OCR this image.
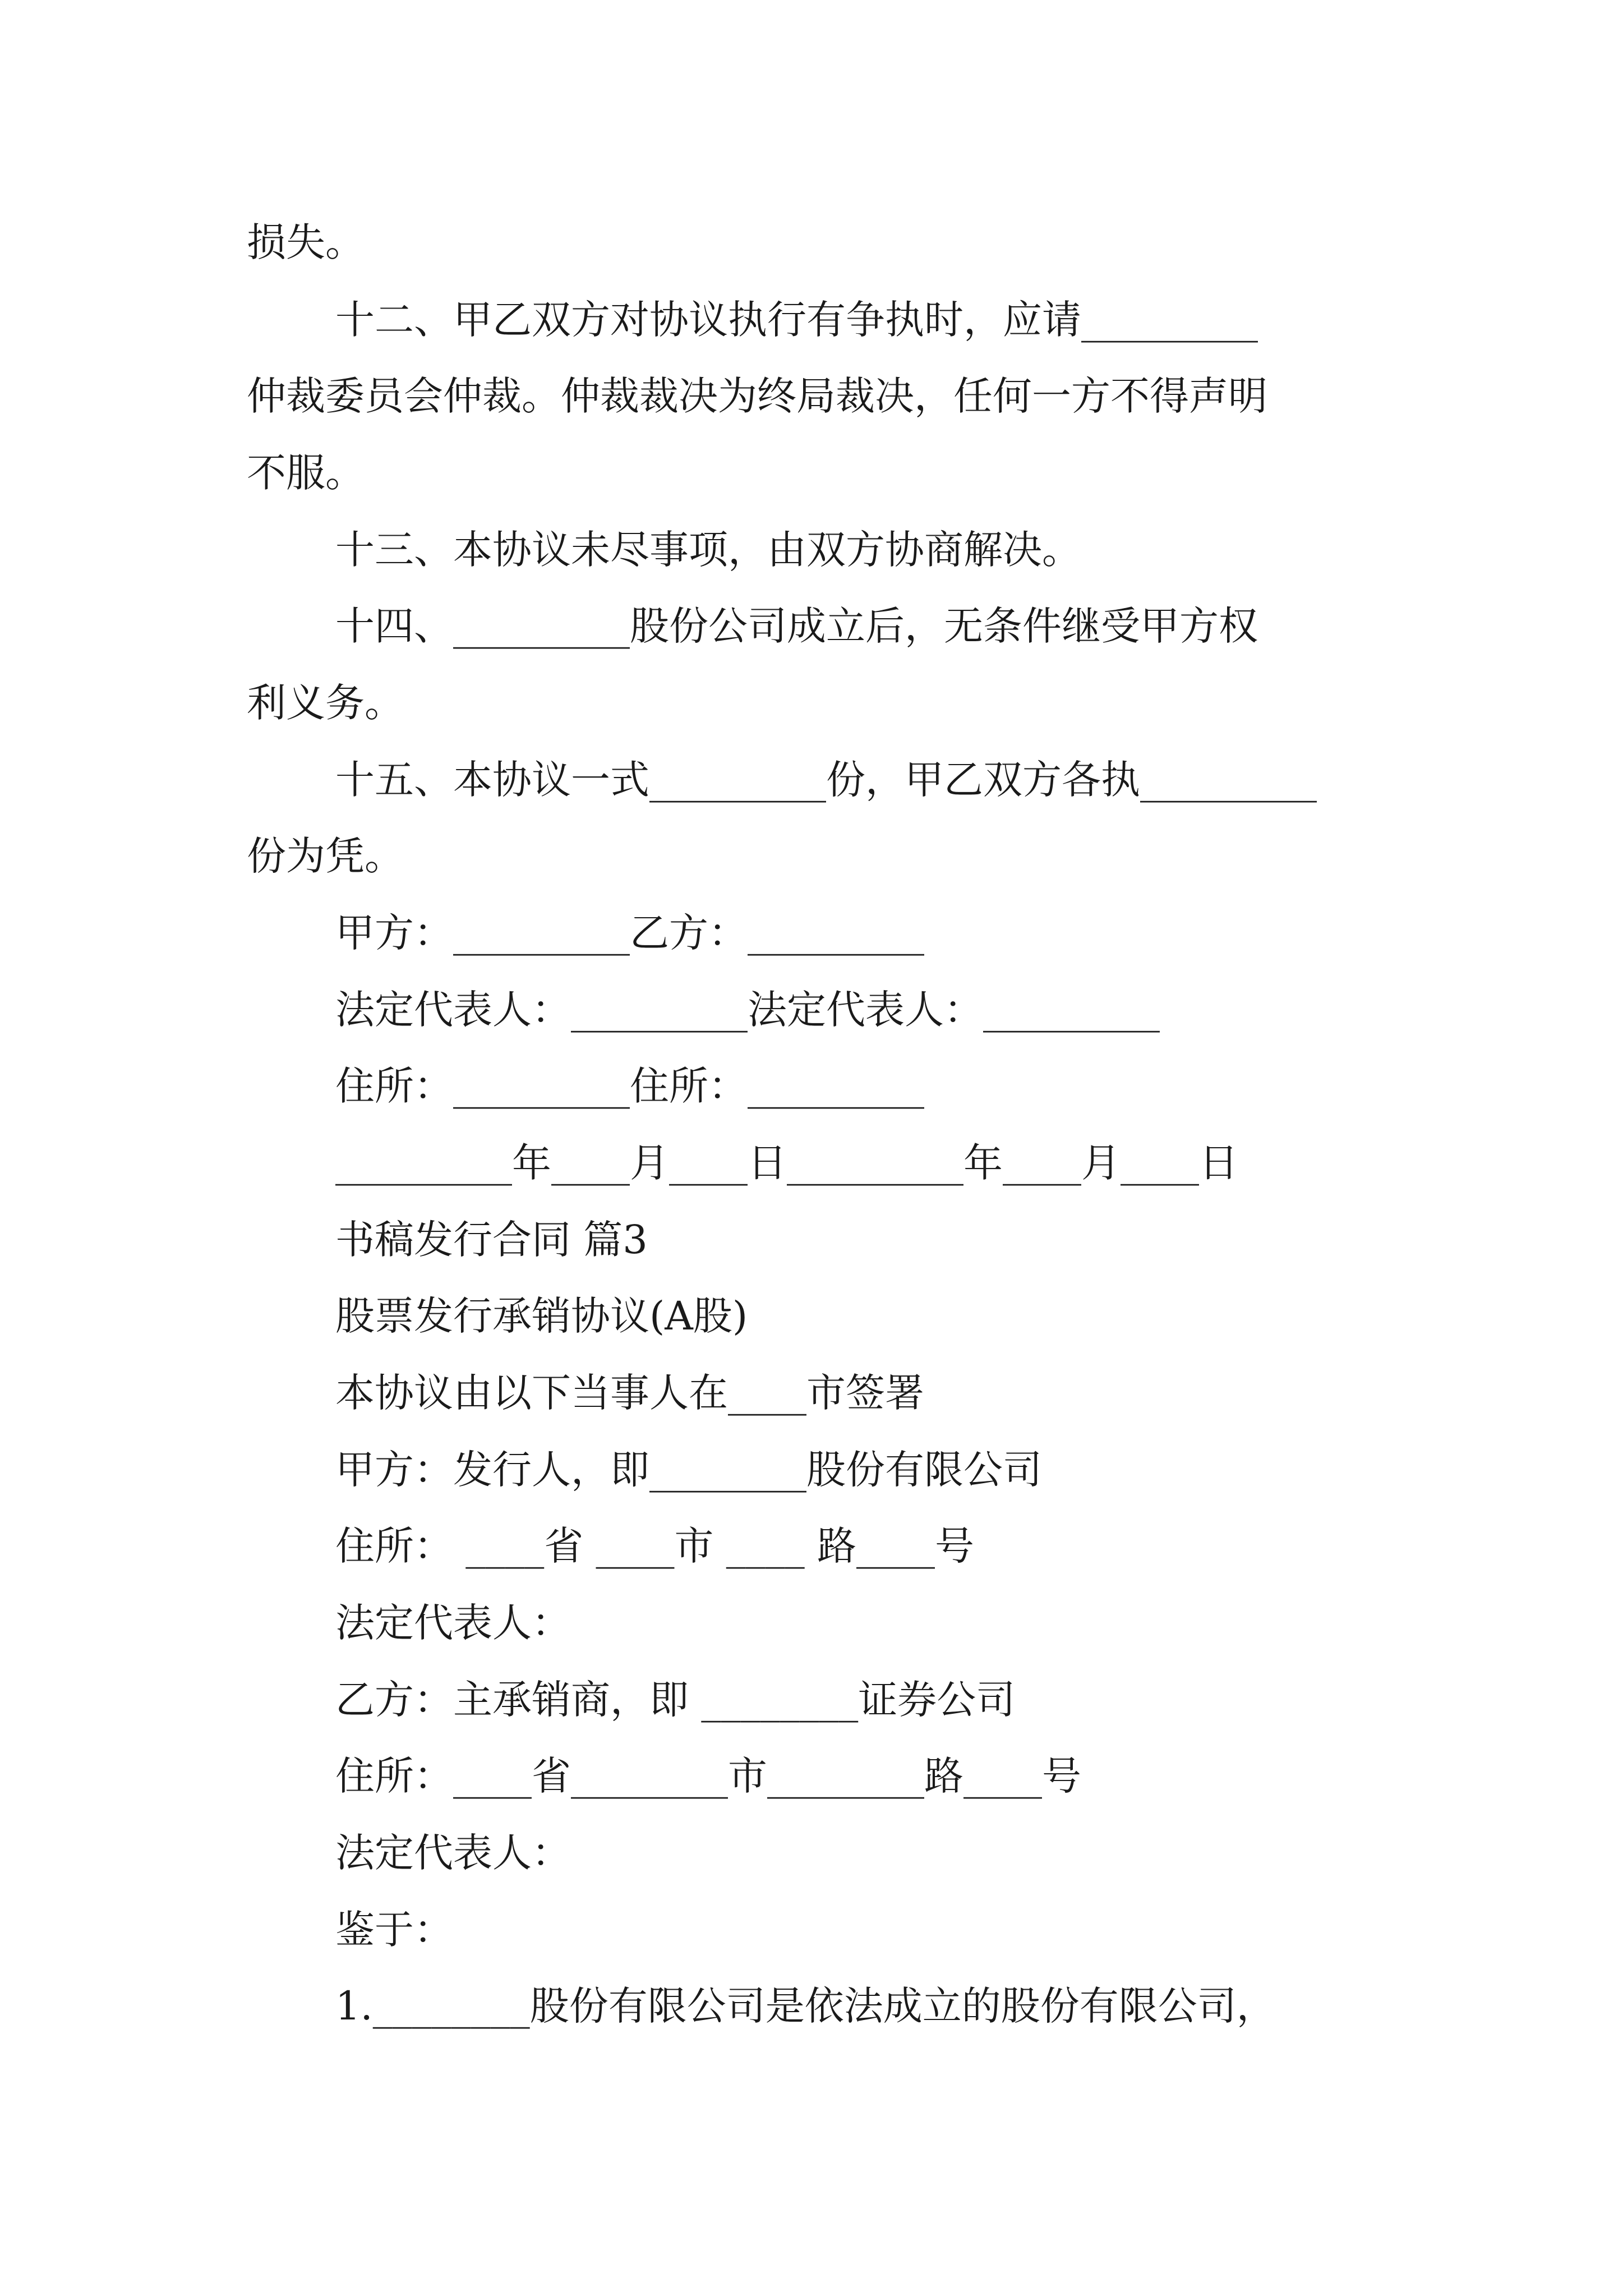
损失。

十二、甲乙双方对协议执行有争执时，应请_________

仲裁委员会仲裁。仲裁裁决为终局裁决，任何一方不得声明

不服。

十三、本协议未尽事项，由双方协商解决。

十四、_________股份公司成立后，无条件继受甲方权

利义务。

十五、本协议一式_________份，甲乙双方各执_________

份为凭。

甲方：_________乙方：_________

法定代表人：_________法定代表人：_________

住所：_________住所：_________

_________年____月____日_________年____月____日

书稿发行合同 篇3

股票发行承销协议(A股)

本协议由以下当事人在____市签署

甲方：发行人，即________股份有限公司

住所： ____省 ____市 ____ 路____号

法定代表人：

乙方：主承销商，即 ________证券公司

住所：____省________市________路____号

法定代表人：

鉴于：

1.________股份有限公司是依法成立的股份有限公司，
